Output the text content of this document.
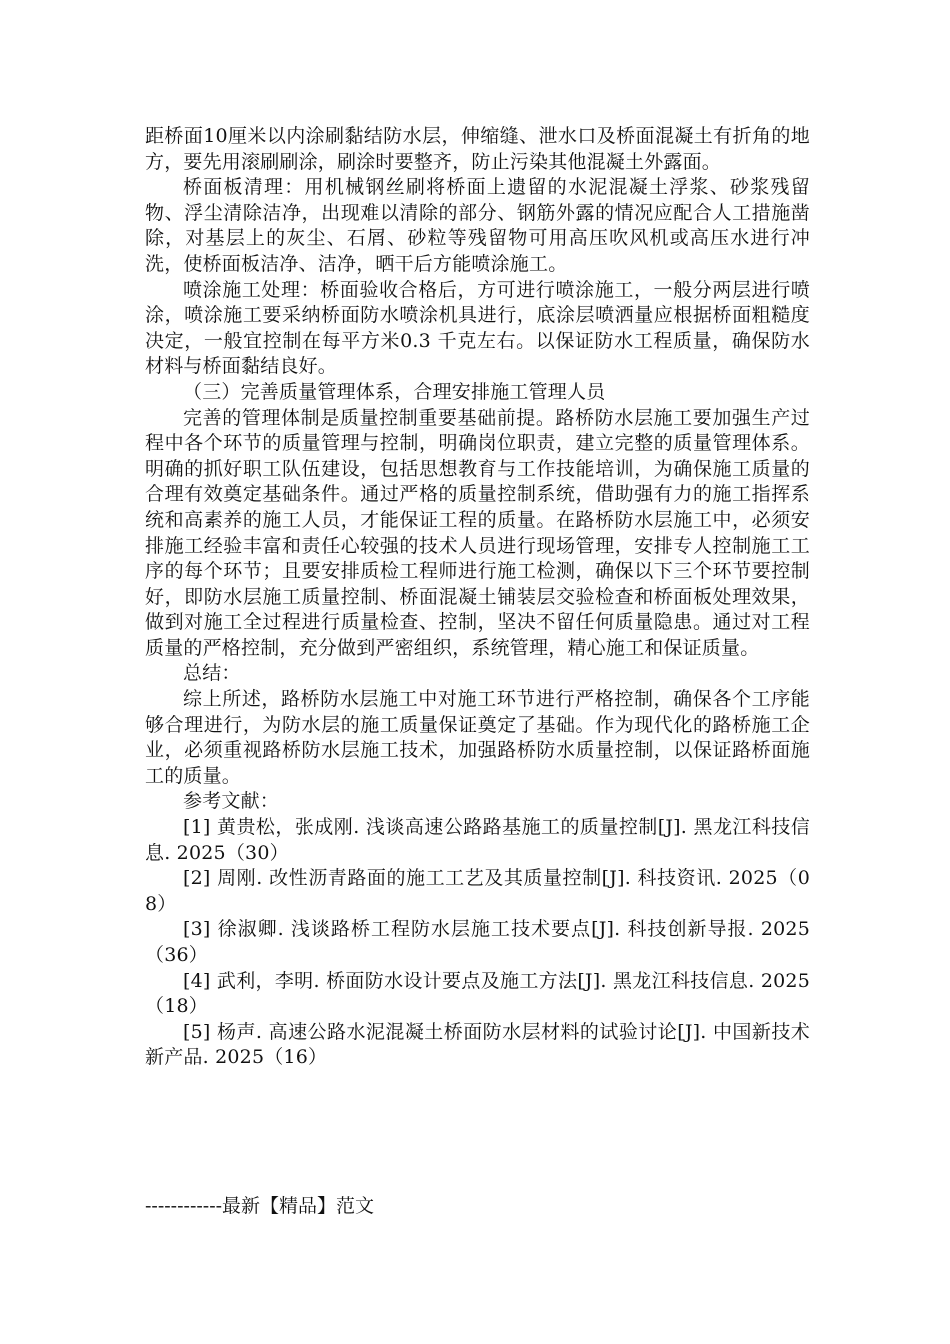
距桥面10厘米以内涂刷黏结防水层，伸缩缝、泄水口及桥面混凝土有折角的地方，要先用滚刷刷涂，刷涂时要整齐，防止污染其他混凝土外露面。

桥面板清理：用机械钢丝刷将桥面上遗留的水泥混凝土浮浆、砂浆残留物、浮尘清除洁净，出现难以清除的部分、钢筋外露的情况应配合人工措施凿除，对基层上的灰尘、石屑、砂粒等残留物可用高压吹风机或高压水进行冲洗，使桥面板洁净、洁净，晒干后方能喷涂施工。

喷涂施工处理：桥面验收合格后，方可进行喷涂施工，一般分两层进行喷涂，喷涂施工要采纳桥面防水喷涂机具进行，底涂层喷洒量应根据桥面粗糙度决定，一般宜控制在每平方米0.3 千克左右。以保证防水工程质量，确保防水材料与桥面黏结良好。

（三）完善质量管理体系，合理安排施工管理人员

完善的管理体制是质量控制重要基础前提。路桥防水层施工要加强生产过程中各个环节的质量管理与控制，明确岗位职责，建立完整的质量管理体系。明确的抓好职工队伍建设，包括思想教育与工作技能培训，为确保施工质量的合理有效奠定基础条件。通过严格的质量控制系统，借助强有力的施工指挥系统和高素养的施工人员，才能保证工程的质量。在路桥防水层施工中，必须安排施工经验丰富和责任心较强的技术人员进行现场管理，安排专人控制施工工序的每个环节；且要安排质检工程师进行施工检测，确保以下三个环节要控制好，即防水层施工质量控制、桥面混凝土铺装层交验检查和桥面板处理效果，做到对施工全过程进行质量检查、控制，坚决不留任何质量隐患。通过对工程质量的严格控制，充分做到严密组织，系统管理，精心施工和保证质量。

总结：

综上所述，路桥防水层施工中对施工环节进行严格控制，确保各个工序能够合理进行，为防水层的施工质量保证奠定了基础。作为现代化的路桥施工企业，必须重视路桥防水层施工技术，加强路桥防水质量控制，以保证路桥面施工的质量。

参考文献：

[1] 黄贵松，张成刚. 浅谈高速公路路基施工的质量控制[J]. 黑龙江科技信息. 2025（30）

[2] 周刚. 改性沥青路面的施工工艺及其质量控制[J]. 科技资讯. 2025（08）

[3] 徐淑卿. 浅谈路桥工程防水层施工技术要点[J]. 科技创新导报. 2025（36）

[4] 武利，李明. 桥面防水设计要点及施工方法[J]. 黑龙江科技信息. 2025（18）

[5] 杨声. 高速公路水泥混凝土桥面防水层材料的试验讨论[J]. 中国新技术新产品. 2025（16）

------------最新【精品】范文
